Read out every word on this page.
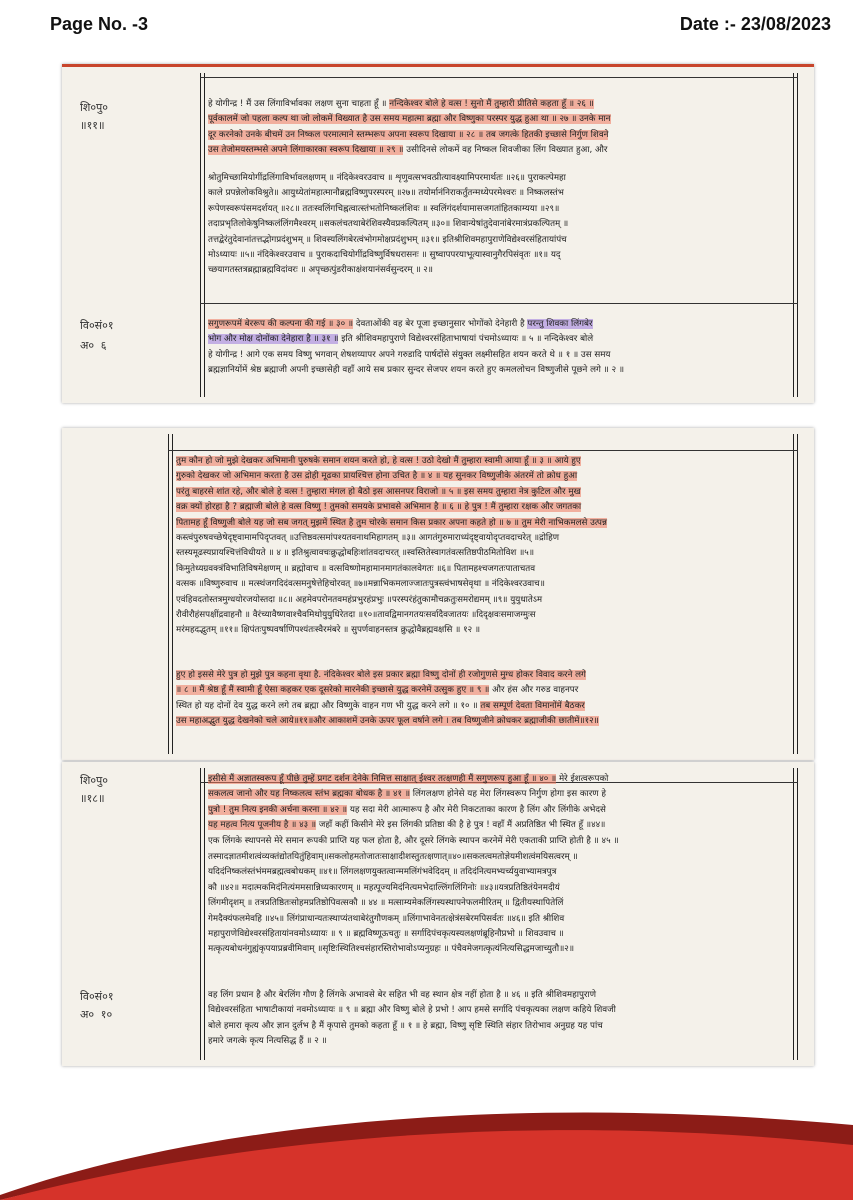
Page No. -3	Date :- 23/08/2023
शि०पु०
॥११॥
वि०सं०१
अ० ६
हे योगीन्द्र ! मैं उस लिंगाविर्भावका लक्षण सुना चाहता हूँ ॥ नन्दिकेश्वर बोले हे वत्स ! सुनो मैं तुम्हारी प्रीतिसे कहता हूँ ॥ २६ ॥
पूर्वकालमें जो पहला कल्प था जो लोकमें विख्यात है उस समय महात्मा ब्रह्मा और विष्णुका परस्पर युद्ध हुआ था ॥ २७ ॥ उनके मान
दूर करनेको उनके बीचमें उन निष्कल परमात्माने स्तम्भरूप अपना स्वरूप दिखाया ॥ २८ ॥ तब जगत्के हितकी इच्छासे निर्गुण शिवने
उस तेजोमयस्तम्भसे अपने लिंगाकारका स्वरूप दिखाया ॥ २९ ॥ उसीदिनसे लोकमें वह निष्कल शिवजीका लिंग विख्यात हुआ, और
श्रोतुमिच्छामियोगींद्रलिंगाविर्भावलक्षणम् ॥ नंदिकेश्वरउवाच ॥ शृणुवत्सभवत्प्रीत्यावक्ष्यामिपरमार्थतः ॥२६॥ पुराकल्पेमहा
काले प्रपन्नेलोकविश्रुते॥ आयुध्येतांमहात्मानौब्रह्मविष्णुपरस्परम् ॥२७॥ तयोर्मानंनिराकर्तुंतन्मध्येपरमेश्वरः ॥ निष्कलस्तंभ
रूपेणस्वरूपंसमदर्शयत् ॥२८॥ ततःस्वलिंगचिह्नत्वात्स्तंभतोनिष्कलंशिवः ॥ स्वलिंगंदर्शयामासजगतांहितकाम्यया ॥२९॥
तदाप्रभृतिलोकेषुनिष्कलंलिंगमैश्वरम् ॥सकलंचतथाबेरंशिवस्यैवप्रकल्पितम् ॥३०॥ शिवान्येषांतुदेवानांबेरमात्रंप्रकल्पितम् ॥
तत्तद्बेरंतुदेवानांतत्तद्भोगप्रदंशुभम् ॥ शिवस्यलिंगबेरत्वंभोगमोक्षप्रदंशुभम् ॥३१॥ इतिश्रीशिवमहापुराणेविद्येश्वरसंहितायांपंच
मोऽध्यायः ॥५॥ नंदिकेश्वरउवाच ॥ पुराकदाचियोगींद्रविष्णुर्विषधरासनः ॥ सुष्वापपरयाभूत्यास्वानुगैरपिसंवृतः ॥१॥ यद्
च्छयागतस्तत्रब्रह्माब्रह्मविदांवरः ॥ अपृच्छत्पुंडरीकाक्षंशयानंसर्वसुन्दरम् ॥ २॥
सगुणरूपमें बेररूप की कल्पना की गई ॥ ३० ॥ देवताओंकी वह बेर पूजा इच्छानुसार भोगोंको देनेहारी है परन्तु शिवका लिंगबेर
भोग और मोक्ष दोनोंका देनेहारा है ॥ ३१ ॥ इति श्रीशिवमहापुराणे विद्येश्वरसंहिताभाषायां पंचमोऽध्यायः ॥ ५ ॥ नन्दिकेश्वर बोले
हे योगीन्द्र ! आगे एक समय विष्णु भगवान् शेषशय्यापर अपने गरुडादि पार्षदोंसे संयुक्त लक्ष्मीसहित शयन करते थे ॥ १ ॥ उस समय
ब्रह्मज्ञानियोंमें श्रेष्ठ ब्रह्माजी अपनी इच्छासेही वहाँ आये सब प्रकार सुन्दर सेजपर शयन करते हुए कमललोचन विष्णुजीसे पूछने लगे ॥ २ ॥
तुम कौन हो जो मुझे देखकर अभिमानी पुरुषके समान शयन करते हो, हे वत्स ! उठो देखो मैं तुम्हारा स्वामी आया हूँ ॥ ३ ॥ आये हुए
गुरुको देखकर जो अभिमान करता है उस द्रोही मूढका प्रायश्चित्त होना उचित है ॥ ४ ॥ यह सुनकर विष्णुजीके अंतरमें तो क्रोध हुआ
परंतु बाहरसे शांत रहे, और बोले हे वत्स ! तुम्हारा मंगल हो बैठो इस आसनपर विराजो ॥ ५ ॥ इस समय तुम्हारा नेत्र कुटिल और मुख
वक्र क्यों होरहा है ? ब्रह्माजी बोले हे वत्स विष्णु ! तुमको समयके प्रभावसे अभिमान है ॥ ६ ॥ हे पुत्र ! मैं तुम्हारा रक्षक और जगतका
पितामह हूँ विष्णुजी बोले यह जो सब जगत् मुझमें स्थित है तुम चोरके समान किस प्रकार अपना कहते हो ॥ ७ ॥ तुम मेरी नाभिकमलसे उत्पन्न
कस्त्वंपुरुषवच्छेषेदृष्ट्वामामपिदृप्तवत् ॥उत्तिष्ठवत्समांपश्यतवनाथमिहागतम् ॥३॥ आगतंगुरुमाराध्यंदृष्ट्वायोदृप्तवदाचरेत् ॥द्रोहिण
स्तस्यमूढस्यप्रायश्चित्तंविधीयते ॥ ४ ॥ इतिश्रुत्वावचःक्रुद्धोबहिःशांतवदाचरत् ॥स्वस्तितेस्वागतंवत्सतिष्ठपीठमितोविश ॥५॥
किमुतेध्यग्रवक्त्रंविभातिविषमेक्षणम् ॥ ब्रह्मोवाच ॥ वत्सविष्णोमहामानमागतंकालवेगतः ॥६॥ पितामहश्चजगतःपाताचतव
वत्सक ॥विष्णुरुवाच ॥ मत्स्थंजगदिदंवत्समनुषेत्तेहिचोरवत् ॥७॥मन्नाभिकमलाज्जातःपुत्रस्त्वंभाषसेवृथा ॥ नंदिकेश्वरउवाच॥
एवंहिवदतोस्तत्रमुग्धयोरजयोस्तदा ॥८॥ अहमेवपरोनतवमहंप्रभुरहंप्रभुः ॥परस्परंहंतुकामौचक्रतुःसमरोद्यमम् ॥९॥ युयुधातेऽम
रौवीरौहंसपक्षींद्रवाहनौ ॥ वैरंच्यावैष्णवाश्चैवमिथोयुयुधिरेतदा ॥१०॥तावद्विमानगतयःसर्वादैवजातयः ॥दिदृक्षवःसमाजग्मुःस
मरंमहदद्भुतम् ॥११॥ क्षिपंतःपुष्पवर्षाणिपश्यंतःस्वैरमंबरे ॥ सुपर्णवाहनस्तत्र क्रुद्धोवैब्रह्मवक्षसि ॥ १२ ॥
हुए हो इससे मेरे पुत्र हो मुझे पुत्र कहना वृथा है. नंदिकेश्वर बोले इस प्रकार ब्रह्मा विष्णु दोनों ही रजोगुणसे मुग्ध होकर विवाद करने लगे
॥ ८ ॥ मैं श्रेष्ठ हूँ मैं स्वामी हूँ ऐसा कहकर एक दूसरेको मारनेकी इच्छासे युद्ध करनेमें उत्सुक हुए ॥ ९ ॥ और हंस और गरुड वाहनपर
स्थित हो यह दोनों देव युद्ध करने लगे तब ब्रह्मा और विष्णुके वाहन गण भी युद्ध करने लगे ॥ १० ॥ तब सम्पूर्ण देवता विमानोंमें बैठकर
उस महाअद्भुत युद्ध देखनेको चले आये॥११॥और आकाशमें उनके ऊपर फूल वर्षाने लगे । तब विष्णुजीने क्रोधकर ब्रह्माजीकी छातीमें॥१२॥
शि०पु०
॥१८॥
वि०सं०१
अ० १०
इसीसे मैं अज्ञातस्वरूप हूँ पीछे तुम्हें प्रगट दर्शन देनेके निमित्त साक्षात् ईश्वर तत्क्षणही मैं सगुणरूप हुआ हूँ ॥ ४० ॥ मेरे ईशत्वरूपको
सकलत्व जानो और यह निष्कलत्व स्तंभ ब्रह्मका बोधक है ॥ ४१ ॥ लिंगलक्षण होनेसे यह मेरा लिंगस्वरूप निर्गुण होगा इस कारण हे
पुत्रो ! तुम नित्य इनकी अर्चना करना ॥ ४२ ॥ यह सदा मेरी आत्मारूप है और मेरी निकटताका कारण है लिंग और लिंगीके अभेदसे
यह महत्व नित्य पूजनीय है ॥ ४३ ॥ जहाँ कहीं किसीने मेरे इस लिंगकी प्रतिष्ठा की है हे पुत्र ! वहाँ मैं अप्रतिष्ठित भी स्थित हूँ ॥४४॥
एक लिंगके स्थापनसे मेरे समान रूपकी प्राप्ति यह फल होता है, और दूसरे लिंगके स्थापन करनेमें मेरी एकताकी प्राप्ति होती है ॥ ४५ ॥
तस्मादज्ञातमीशत्वंव्यक्तंद्योतयितुंहिवाम्॥सकलोहमतोजातःसाक्षादीशस्तुतत्क्षणात्॥४०॥सकलत्वमतोज्ञेयमीशत्वंमयिसत्वरम् ॥
यदिदंनिष्कलंस्तंभंममब्रह्मत्वबोधकम् ॥४१॥ लिंगलक्षणयुक्तत्वान्ममलिंगंभवेदिदम् ॥ तदिदंनित्यमभ्यर्च्ययुवाभ्यामत्रपुत्र
कौ ॥४२॥ मदात्मकमिदंनित्यंममसान्निध्यकारणम् ॥ महत्पूज्यमिदंनित्यमभेदाल्लिंगलिंगिनोः ॥४३॥यत्रप्रतिष्ठितंयेनमदीयं
लिंगमीदृशम् ॥ तत्रप्रतिष्ठितःसोहमप्रतिष्ठोपिवत्सकौ ॥ ४४ ॥ मत्साम्यमेकलिंगस्यस्थापनेफलमीरितम् ॥ द्वितीयस्थापितेलिं
गेमदैक्यंफलमेवहि ॥४५॥ लिंगंप्राधान्यतःस्थाप्यंतथाबेरंतुगौणकम् ॥लिंगाभावेनतत्क्षेत्रंसबेरमपिसर्वतः ॥४६॥ इति श्रीशिव
महापुराणेविद्येश्वरसंहितायांनवमोऽध्यायः ॥ ९ ॥ ब्रह्मविष्णूऊचतुः ॥ सर्गादिपंचकृत्यस्यलक्षणंब्रूहिनौप्रभो ॥ शिवउवाच ॥
मत्कृत्यबोधनंगुह्यंकृपयाप्रब्रवीमिवाम् ॥सृष्टिःस्थितिश्चसंहारस्तिरोभावोऽप्यनुग्रहः ॥ पंचैवमेजगत्कृत्यंनित्यसिद्धमजाच्युतौ॥२॥
वह लिंग प्रधान है और बेरलिंग गौण है लिंगके अभावसे बेर सहित भी वह स्थान क्षेत्र नहीं होता है ॥ ४६ ॥ इति श्रीशिवमहापुराणे
विद्येश्वरसंहिता भाषाटीकायां नवमोऽध्यायः ॥ ९ ॥ ब्रह्मा और विष्णु बोले हे प्रभो ! आप हमसे सर्गादि पंचकृत्यका लक्षण कहिये शिवजी
बोले हमारा कृत्य और ज्ञान दुर्लभ है मैं कृपासे तुमको कहता हूँ ॥ १ ॥ हे ब्रह्मा, विष्णु सृष्टि स्थिति संहार तिरोभाव अनुग्रह यह पांच
हमारे जगत्के कृत्य नित्यसिद्ध हैं ॥ २ ॥
